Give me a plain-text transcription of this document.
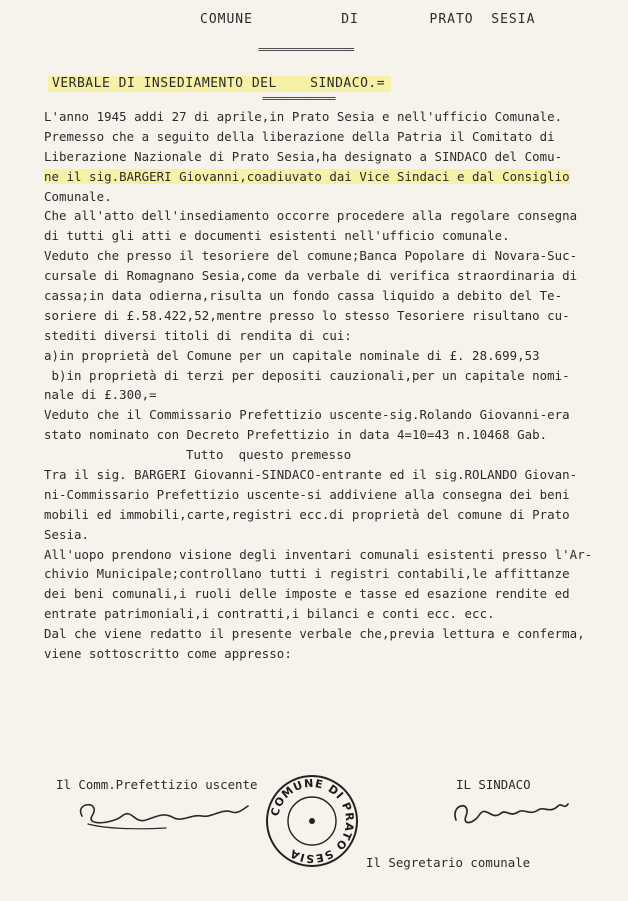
COMUNE          DI        PRATO  SESIA
=================
VERBALE DI INSEDIAMENTO DEL    SINDACO.=
=============
L'anno 1945 addi 27 di aprile,in Prato Sesia e nell'ufficio Comunale.
Premesso che a seguito della liberazione della Patria il Comitato di
Liberazione Nazionale di Prato Sesia,ha designato a SINDACO del Comu-
ne il sig.BARGERI Giovanni,coadiuvato dai Vice Sindaci e dal Consiglio
Comunale.
Che all'atto dell'insediamento occorre procedere alla regolare consegna
di tutti gli atti e documenti esistenti nell'ufficio comunale.
Veduto che presso il tesoriere del comune;Banca Popolare di Novara-Suc-
cursale di Romagnano Sesia,come da verbale di verifica straordinaria di
cassa;in data odierna,risulta un fondo cassa liquido a debito del Te-
soriere di £.58.422,52,mentre presso lo stesso Tesoriere risultano cu-
stediti diversi titoli di rendita di cui:
a)in proprietà del Comune per un capitale nominale di £. 28.699,53
b)in proprietà di terzi per depositi cauzionali,per un capitale nomi-
nale di £.300,=
Veduto che il Commissario Prefettizio uscente-sig.Rolando Giovanni-era
stato nominato con Decreto Prefettizio in data 4=10=43 n.10468 Gab.
Tutto  questo premesso
Tra il sig. BARGERI Giovanni-SINDACO-entrante ed il sig.ROLANDO Giovan-
ni-Commissario Prefettizio uscente-si addiviene alla consegna dei beni
mobili ed immobili,carte,registri ecc.di proprietà del comune di Prato
Sesia.
All'uopo prendono visione degli inventari comunali esistenti presso l'Ar-
chivio Municipale;controllano tutti i registri contabili,le affittanze
dei beni comunali,i ruoli delle imposte e tasse ed esazione rendite ed
entrate patrimoniali,i contratti,i bilanci e conti ecc. ecc.
Dal che viene redatto il presente verbale che,previa lettura e conferma,
viene sottoscritto come appresso:
Il Comm.Prefettizio uscente	IL SINDACO
Il Segretario comunale
COMUNE DI PRATO SESIA
